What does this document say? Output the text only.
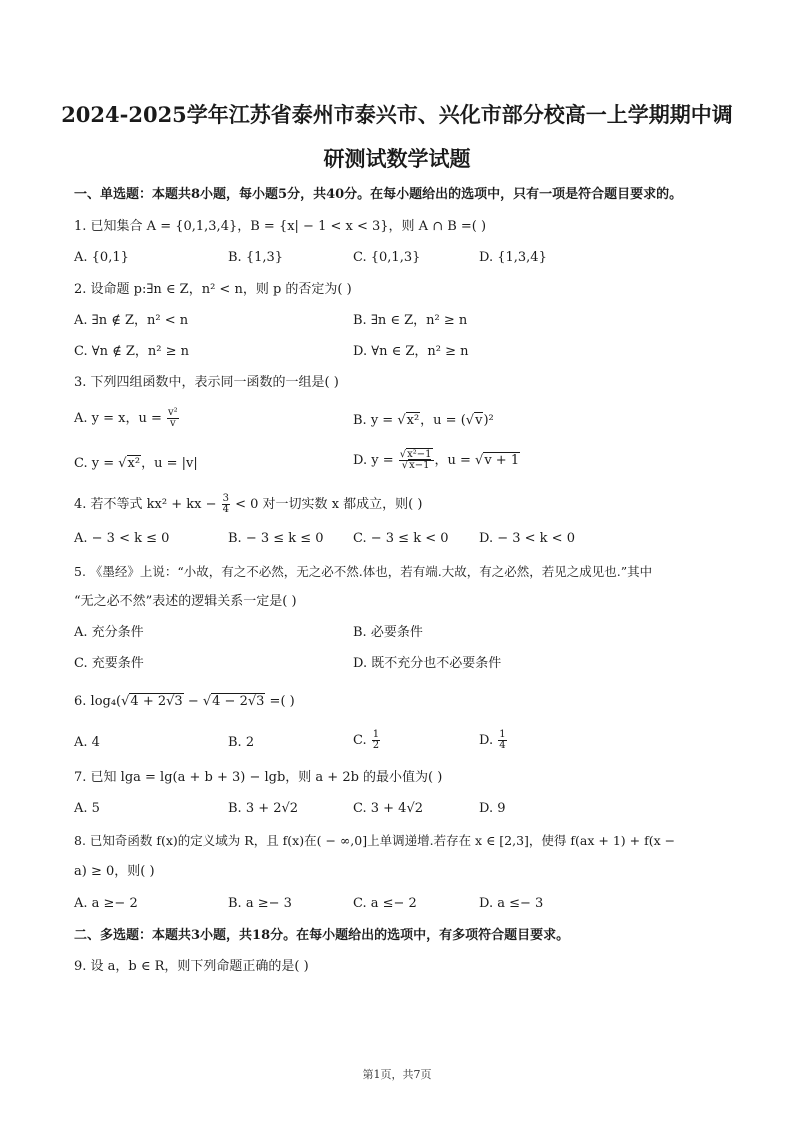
2024-2025学年江苏省泰州市泰兴市、兴化市部分校高一上学期期中调
研测试数学试题
一、单选题：本题共8小题，每小题5分，共40分。在每小题给出的选项中，只有一项是符合题目要求的。
1. 已知集合 A = {0,1,3,4}，B = {x| − 1 < x < 3}，则 A ∩ B =( )
A. {0,1}	B. {1,3}	C. {0,1,3}	D. {1,3,4}
2. 设命题 p:∃n ∈ Z，n² < n，则 p 的否定为( )
A. ∃n ∉ Z，n² < n	B. ∃n ∈ Z，n² ≥ n
C. ∀n ∉ Z，n² ≥ n	D. ∀n ∈ Z，n² ≥ n
3. 下列四组函数中，表示同一函数的一组是( )
A. y = x，$u = \frac{\text{v²}}{v}$	B. y = √x²，u = (√v)²
C. y = √x²，u = |v|	D. $y = \frac{\text{√x²−1}}{√x-1}$ ，u = √v + 1
4. 若不等式 kx² + kx − $\frac{3}{4} < 0$ 对一切实数 x 都成立，则( )
A. − 3 < k ≤ 0	B. − 3 ≤ k ≤ 0 C. − 3 ≤ k < 0 D. − 3 < k < 0
5. 《墨经》上说：“小故，有之不必然，无之必不然.体也，若有端.大故，有之必然，若见之成见也.”其中
“无之必不然”表述的逻辑关系一定是( )
A. 充分条件	B. 必要条件
C. 充要条件	D. 既不充分也不必要条件
6. log₄(√4 + 2√3 − √4 − 2√3 =( )
A. 4	B. 2	C. $\frac{1}{2}$	D. $\frac{1}{4}$
7. 已知 lga = lg(a + b + 3) − lgb，则 a + 2b 的最小值为( )
A. 5	B. 3 + 2√2	C. 3 + 4√2	D. 9
8. 已知奇函数 f(x)的定义域为 R，且 f(x)在( − ∞,0]上单调递增.若存在 x ∈ [2,3]，使得 f(ax + 1) + f(x −
a) ≥ 0，则( )
A. a ≥− 2	B. a ≥− 3	C. a ≤− 2	D. a ≤− 3
二、多选题：本题共3小题，共18分。在每小题给出的选项中，有多项符合题目要求。
9. 设 a，b ∈ R，则下列命题正确的是( )
第1页，共7页
